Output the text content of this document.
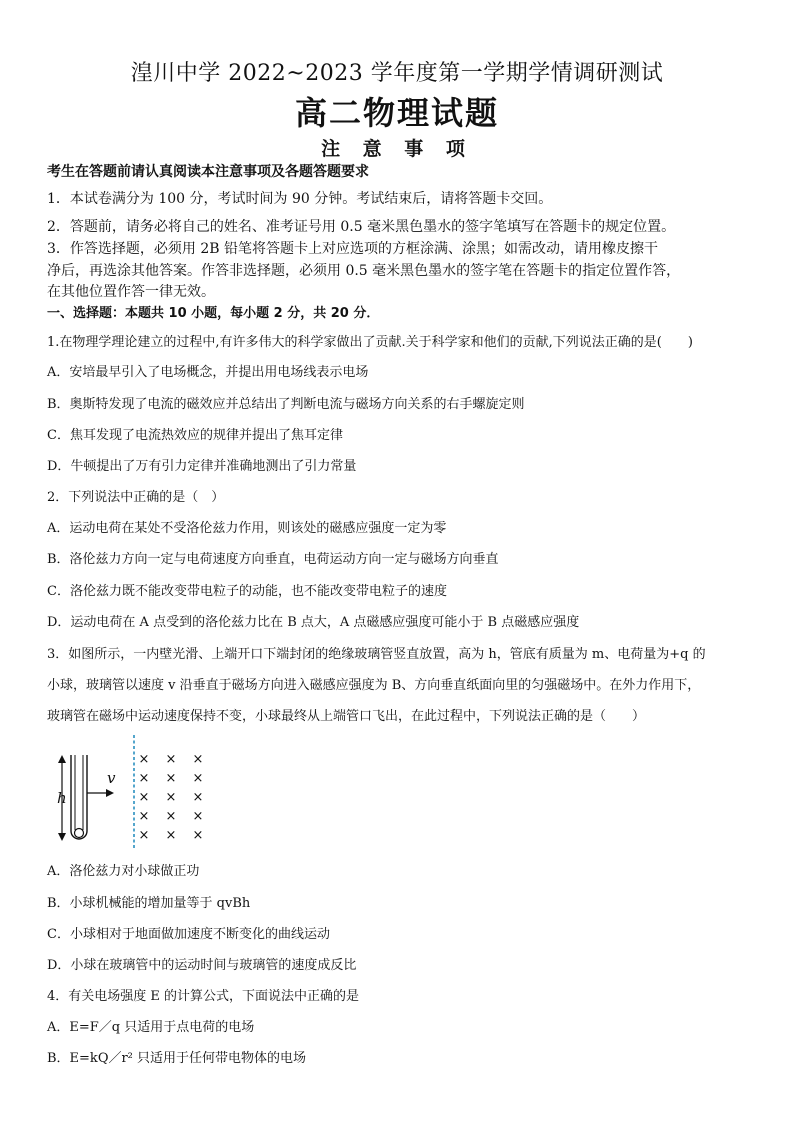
湟川中学 2022~2023 学年度第一学期学情调研测试
高二物理试题
注 意 事 项
考生在答题前请认真阅读本注意事项及各题答题要求
1．本试卷满分为 100 分，考试时间为 90 分钟。考试结束后，请将答题卡交回。
2．答题前，请务必将自己的姓名、准考证号用 0.5 毫米黑色墨水的签字笔填写在答题卡的规定位置。
3．作答选择题，必须用 2B 铅笔将答题卡上对应选项的方框涂满、涂黑；如需改动，请用橡皮擦干
净后，再选涂其他答案。作答非选择题，必须用 0.5 毫米黑色墨水的签字笔在答题卡的指定位置作答，
在其他位置作答一律无效。
一、选择题：本题共 10 小题，每小题 2 分，共 20 分．
1.在物理学理论建立的过程中,有许多伟大的科学家做出了贡献.关于科学家和他们的贡献,下列说法正确的是(　　)
A．安培最早引入了电场概念，并提出用电场线表示电场
B．奥斯特发现了电流的磁效应并总结出了判断电流与磁场方向关系的右手螺旋定则
C．焦耳发现了电流热效应的规律并提出了焦耳定律
D．牛顿提出了万有引力定律并准确地测出了引力常量
2．下列说法中正确的是（　）
A．运动电荷在某处不受洛伦兹力作用，则该处的磁感应强度一定为零
B．洛伦兹力方向一定与电荷速度方向垂直，电荷运动方向一定与磁场方向垂直
C．洛伦兹力既不能改变带电粒子的动能，也不能改变带电粒子的速度
D．运动电荷在 A 点受到的洛伦兹力比在 B 点大，A 点磁感应强度可能小于 B 点磁感应强度
3．如图所示，一内壁光滑、上端开口下端封闭的绝缘玻璃管竖直放置，高为 h，管底有质量为 m、电荷量为+q 的
小球，玻璃管以速度 v 沿垂直于磁场方向进入磁感应强度为 B、方向垂直纸面向里的匀强磁场中。在外力作用下，
玻璃管在磁场中运动速度保持不变，小球最终从上端管口飞出，在此过程中，下列说法正确的是（　　）
× × ×
× × ×
× × ×
× × ×
× × ×
h
v
A．洛伦兹力对小球做正功
B．小球机械能的增加量等于 qvBh
C．小球相对于地面做加速度不断变化的曲线运动
D．小球在玻璃管中的运动时间与玻璃管的速度成反比
4．有关电场强度 E 的计算公式，下面说法中正确的是
A．E=F／q 只适用于点电荷的电场
B．E=kQ／r² 只适用于任何带电物体的电场
